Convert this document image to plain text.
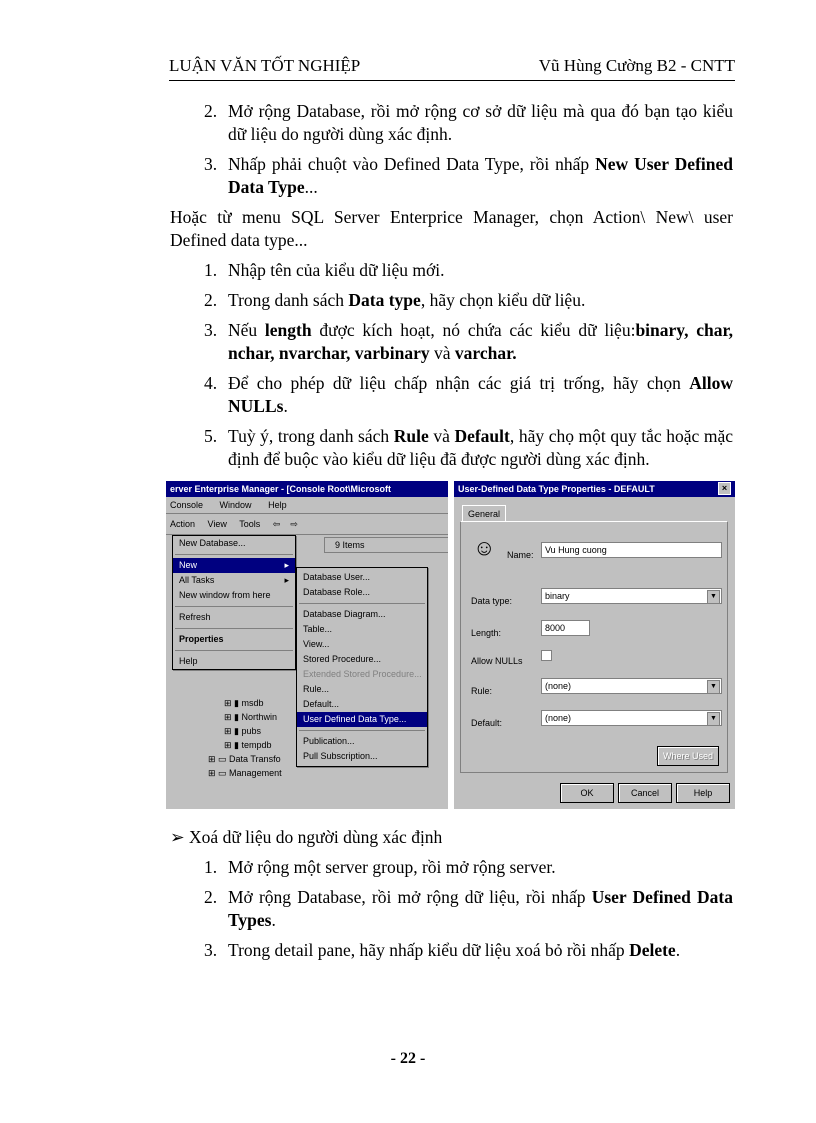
LUẬN VĂN TỐT NGHIỆP	Vũ Hùng Cường B2 - CNTT
2. Mở rộng Database, rồi mở rộng cơ sở dữ liệu mà qua đó bạn tạo kiểu dữ liệu do người dùng xác định.
3. Nhấp phải chuột vào Defined Data Type, rồi nhấp New User Defined Data Type...
Hoặc từ menu SQL Server Enterprice Manager, chọn Action\ New\ user Defined data type...
1. Nhập tên của kiểu dữ liệu mới.
2. Trong danh sách Data type, hãy chọn kiểu dữ liệu.
3. Nếu length được kích hoạt, nó chứa các kiểu dữ liệu:binary, char, nchar, nvarchar, varbinary và varchar.
4. Để cho phép dữ liệu chấp nhận các giá trị trống, hãy chọn Allow NULLs.
5. Tuỳ ý, trong danh sách Rule và Default, hãy chọ một quy tắc hoặc mặc định để buộc vào kiểu dữ liệu đã được người dùng xác định.
erver Enterprise Manager - [Console Root\Microsoft
Console Window Help
Action View Tools ⇦ ⇨
9 Items
New Database...
New	▸
All Tasks	▸
New window from here
Refresh
Properties
Help
Database User...
Database Role...
Database Diagram...
Table...
View...
Stored Procedure...
Extended Stored Procedure...
Rule...
Default...
User Defined Data Type...
Publication...
Pull Subscription...
⊞ ▮ msdb
⊞ ▮ Northwin
⊞ ▮ pubs
⊞ ▮ tempdb
⊞ ▭ Data Transfo
⊞ ▭ Management
User-Defined Data Type Properties - DEFAULT	×
General
☺ Name:	Vu Hung cuong
Data type:	binary	▼
Length:	8000
Allow NULLs
Rule:	(none)	▼
Default:	(none)	▼
Where Used
OK	Cancel	Help
➢ Xoá dữ liệu do người dùng xác định
1. Mở rộng một server group, rồi mở rộng server.
2. Mở rộng Database, rồi mở rộng dữ liệu, rồi nhấp User Defined Data Types.
3. Trong detail pane, hãy nhấp kiểu dữ liệu xoá bỏ rồi nhấp Delete.
- 22 -
